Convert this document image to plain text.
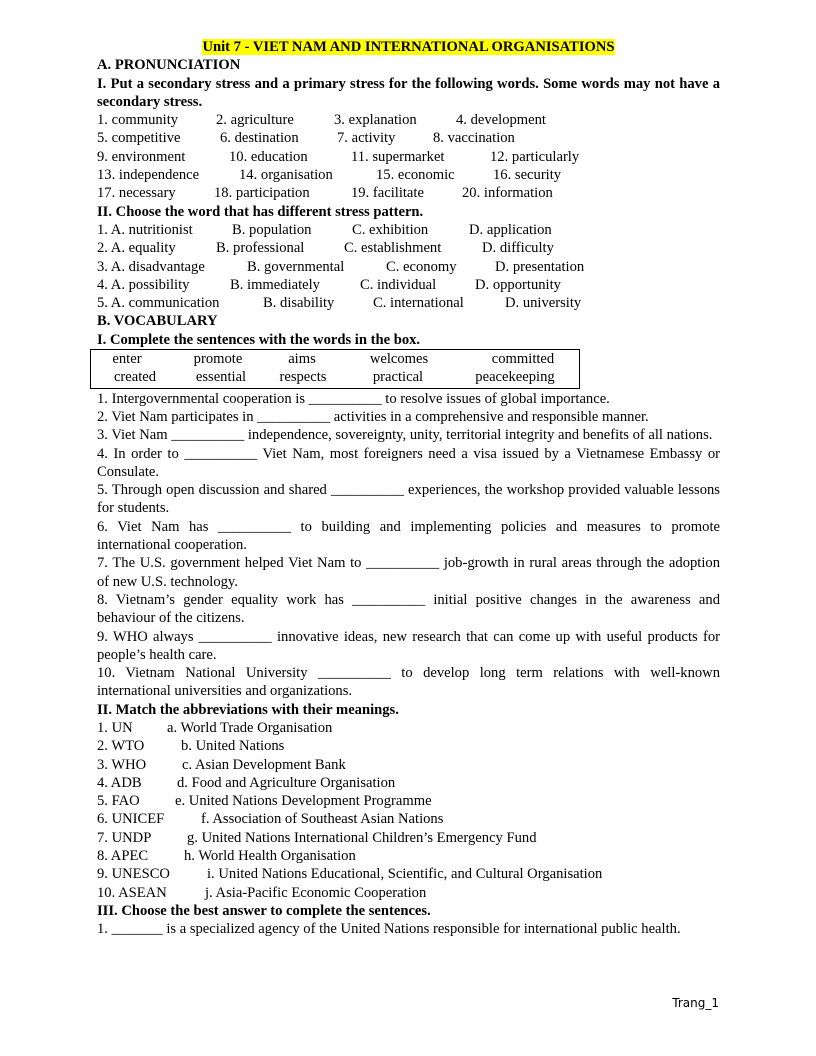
Unit 7 - VIET NAM AND INTERNATIONAL ORGANISATIONS
A. PRONUNCIATION
I. Put a secondary stress and a primary stress for the following words. Some words may not have a secondary stress.
1. community	2. agriculture	3. explanation	4. development
5. competitive	6. destination	7. activity	8. vaccination
9. environment	10. education	11. supermarket	12. particularly
13. independence	14. organisation	15. economic	16. security
17. necessary	18. participation	19. facilitate	20. information
II. Choose the word that has different stress pattern.
1. A. nutritionist	B. population	C. exhibition	D. application
2. A. equality	B. professional	C. establishment	D. difficulty
3. A. disadvantage	B. governmental	C. economy	D. presentation
4. A. possibility	B. immediately	C. individual	D. opportunity
5. A. communication	B. disability	C. international	D. university
B. VOCABULARY
I. Complete the sentences with the words in the box.
enter	promote	aims	welcomes	committed
created	essential	respects	practical	peacekeeping
1. Intergovernmental cooperation is __________ to resolve issues of global importance.
2. Viet Nam participates in __________ activities in a comprehensive and responsible manner.
3. Viet Nam __________ independence, sovereignty, unity, territorial integrity and benefits of all nations.
4. In order to __________ Viet Nam, most foreigners need a visa issued by a Vietnamese Embassy or Consulate.
5. Through open discussion and shared __________ experiences, the workshop provided valuable lessons for students.
6. Viet Nam has __________ to building and implementing policies and measures to promote international cooperation.
7. The U.S. government helped Viet Nam to __________ job-growth in rural areas through the adoption of new U.S. technology.
8. Vietnam’s gender equality work has __________ initial positive changes in the awareness and behaviour of the citizens.
9. WHO always __________ innovative ideas, new research that can come up with useful products for people’s health care.
10. Vietnam National University __________ to develop long term relations with well-known international universities and organizations.
II. Match the abbreviations with their meanings.
1. UN	a. World Trade Organisation
2. WTO	b. United Nations
3. WHO	c. Asian Development Bank
4. ADB	d. Food and Agriculture Organisation
5. FAO	e. United Nations Development Programme
6. UNICEF	f. Association of Southeast Asian Nations
7. UNDP	g. United Nations International Children’s Emergency Fund
8. APEC	h. World Health Organisation
9. UNESCO	i. United Nations Educational, Scientific, and Cultural Organisation
10. ASEAN	j. Asia-Pacific Economic Cooperation
III. Choose the best answer to complete the sentences.
1. _______ is a specialized agency of the United Nations responsible for international public health.
Trang_1
